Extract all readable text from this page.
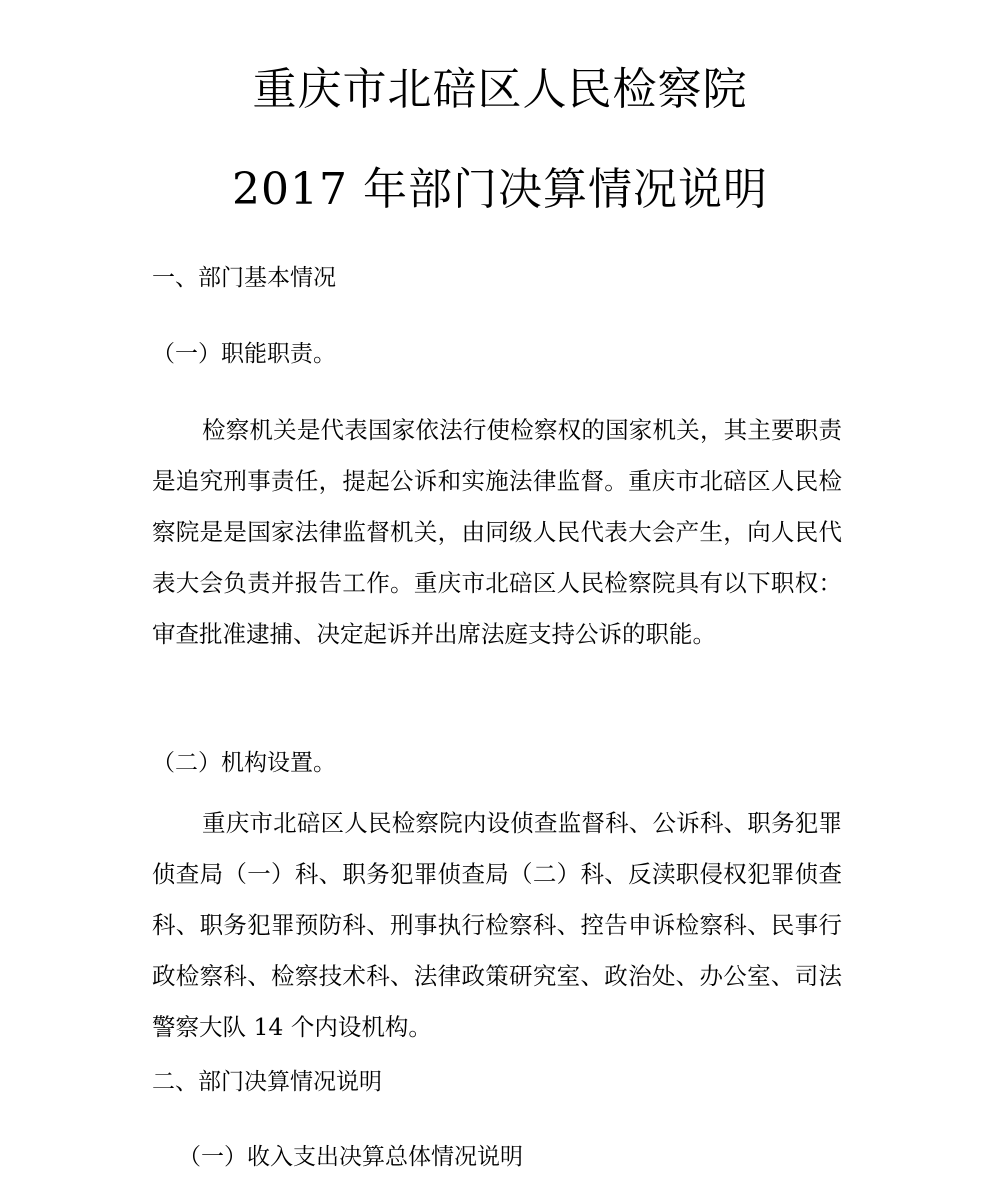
重庆市北碚区人民检察院
2017 年部门决算情况说明
一、部门基本情况
（一）职能职责。
检察机关是代表国家依法行使检察权的国家机关，其主要职责是追究刑事责任，提起公诉和实施法律监督。重庆市北碚区人民检察院是是国家法律监督机关，由同级人民代表大会产生，向人民代表大会负责并报告工作。重庆市北碚区人民检察院具有以下职权：审查批准逮捕、决定起诉并出席法庭支持公诉的职能。
（二）机构设置。
重庆市北碚区人民检察院内设侦查监督科、公诉科、职务犯罪侦查局（一）科、职务犯罪侦查局（二）科、反渎职侵权犯罪侦查科、职务犯罪预防科、刑事执行检察科、控告申诉检察科、民事行政检察科、检察技术科、法律政策研究室、政治处、办公室、司法警察大队 14 个内设机构。
二、部门决算情况说明
（一）收入支出决算总体情况说明
